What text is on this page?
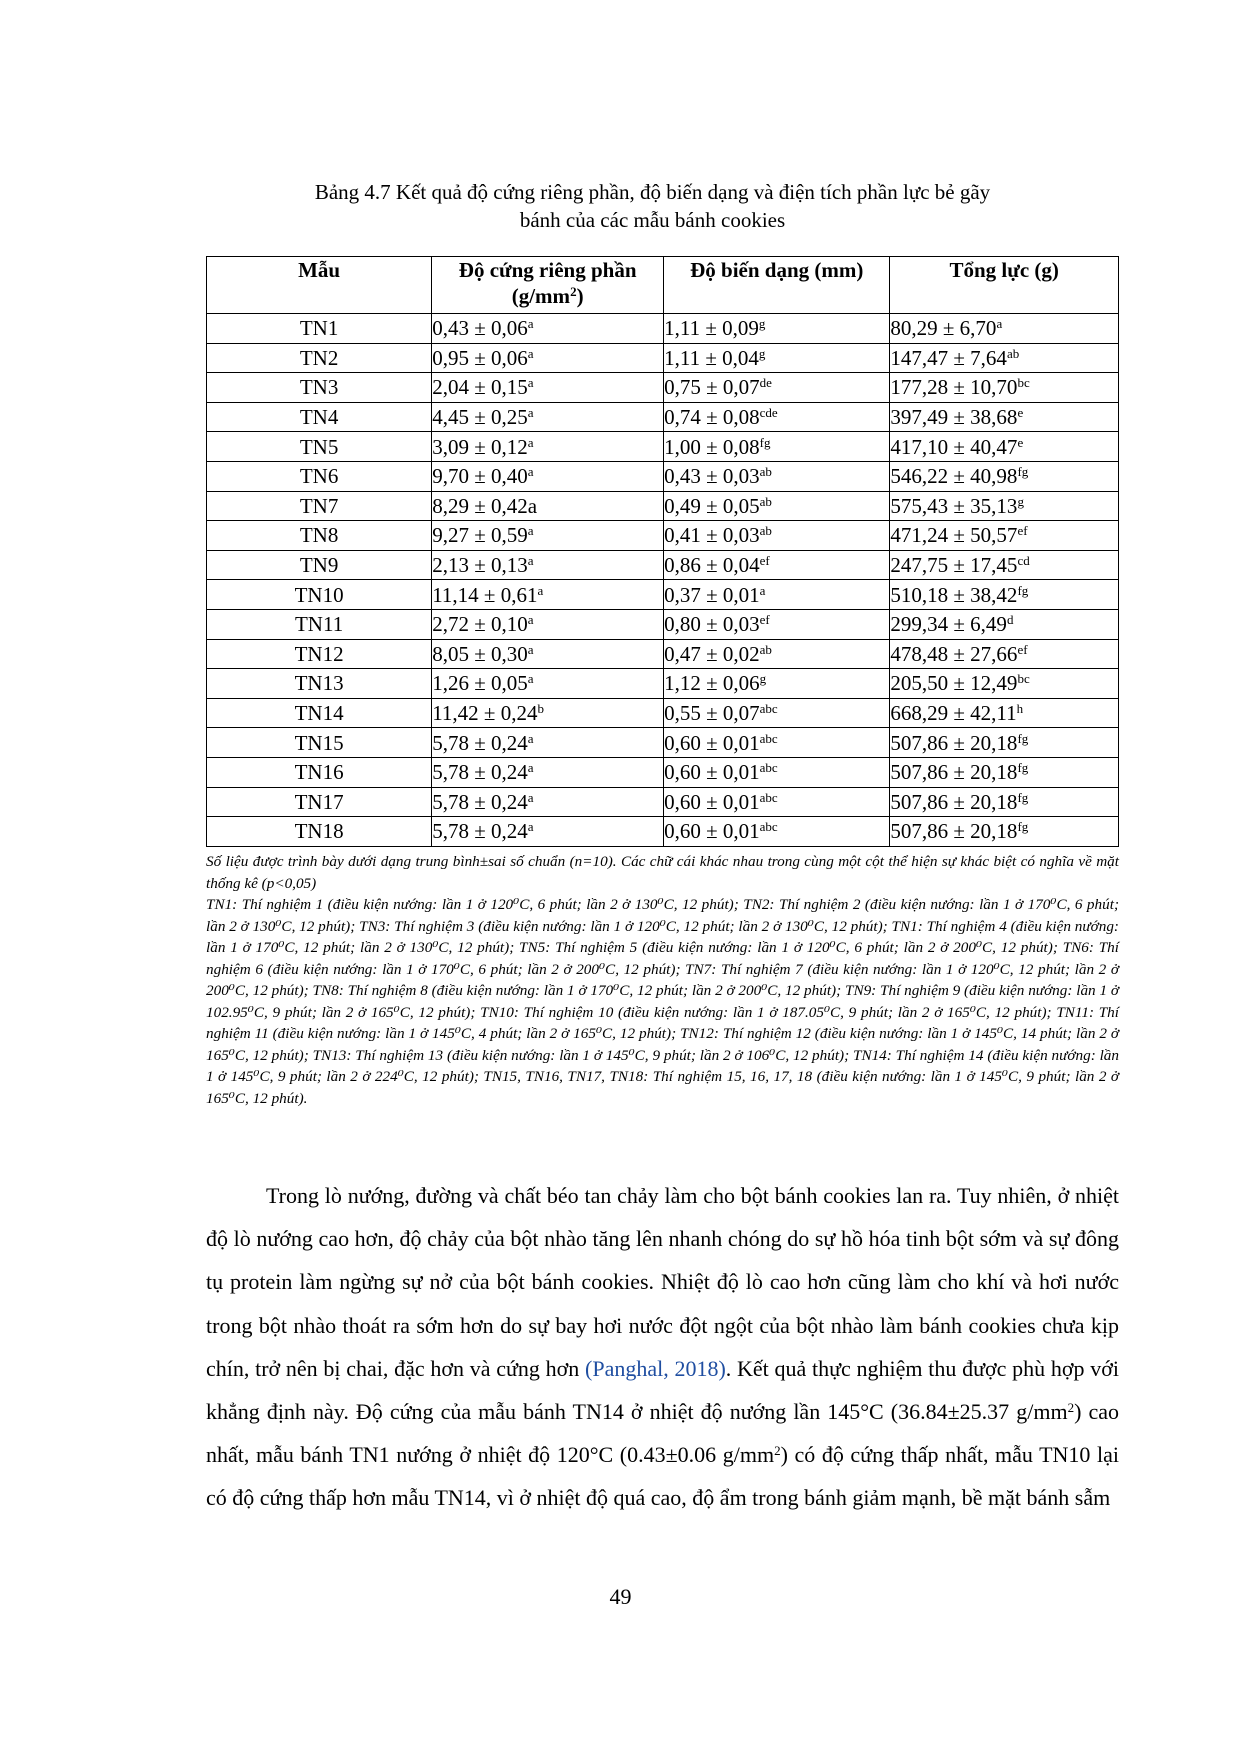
Bảng 4.7 Kết quả độ cứng riêng phần, độ biến dạng và điện tích phần lực bẻ gãy
bánh của các mẫu bánh cookies
Mẫu	Độ cứng riêng phần $(g/mm^2)$	Độ biến dạng (mm)	Tổng lực (g)
TN1	0,43 ± 0,06$^a$	1,11 ± 0,09$^g$	80,29 ± 6,70$^a$
TN2	0,95 ± 0,06$^a$	1,11 ± 0,04$^g$	147,47 ± 7,64$^{ab}$
TN3	2,04 ± 0,15$^a$	0,75 ± 0,07de	177,28 ± 10,70$^{bc}$
TN4	4,45 ± 0,25$^a$	0,74 ± 0,08$^{cde}$	397,49 ± 38,68$^e$
TN5	3,09 ± 0,12$^a$	1,00 ± 0,08$^{fg}$	417,10 ± 40,47$^e$
TN6	9,70 ± 0,40$^a$	0,43 ± 0,03$^{ab}$	546,22 ± 40,98$^{fg}$
TN7	8,29 ± 0,42a	0,49 ± 0,05$^{ab}$	575,43 ± 35,13$^g$
TN8	9,27 ± 0,59$^a$	0,41 ± 0,03$^{ab}$	471,24 ± 50,57$^{ef}$
TN9	2,13 ± 0,13$^a$	0,86 ± 0,04$^{ef}$	247,75 ± 17,45$^{cd}$
TN10	11,14 ± 0,61$^a$	0,37 ± 0,01$^a$	510,18 ± 38,42$^{fg}$
TN11	2,72 ± 0,10$^a$	0,80 ± 0,03$^{ef}$	299,34 ± 6,49$^d$
TN12	8,05 ± 0,30$^a$	0,47 ± 0,02$^{ab}$	478,48 ± 27,66$^{ef}$
TN13	1,26 ± 0,05$^a$	1,12 ± 0,06$^g$	205,50 ± 12,49$^{bc}$
TN14	11,42 ± 0,24$^b$	0,55 ± 0,07$^{abc}$	668,29 ± 42,11$^h$
TN15	5,78 ± 0,24$^a$	0,60 ± 0,01$^{abc}$	507,86 ± 20,18$^{fg}$
TN16	5,78 ± 0,24$^a$	0,60 ± 0,01$^{abc}$	507,86 ± 20,18$^{fg}$
TN17	5,78 ± 0,24$^a$	0,60 ± 0,01$^{abc}$	507,86 ± 20,18$^{fg}$
TN18	5,78 ± 0,24$^a$	0,60 ± 0,01$^{abc}$	507,86 ± 20,18$^{fg}$

Số liệu được trình bày dưới dạng trung bình±sai số chuẩn (n=10). Các chữ cái khác nhau trong cùng một cột thể hiện sự khác biệt có nghĩa về mặt thống kê (p<0,05)

TN1: Thí nghiệm 1 (điều kiện nướng: lần 1 ở 120⁰C, 6 phút; lần 2 ở 130⁰C, 12 phút); TN2: Thí nghiệm 2 (điều kiện nướng: lần 1 ở 170⁰C, 6 phút; lần 2 ở 130⁰C, 12 phút); TN3: Thí nghiệm 3 (điều kiện nướng: lần 1 ở 120⁰C, 12 phút; lần 2 ở 130⁰C, 12 phút); TN1: Thí nghiệm 4 (điều kiện nướng: lần 1 ở 170⁰C, 12 phút; lần 2 ở 130⁰C, 12 phút); TN5: Thí nghiệm 5 (điều kiện nướng: lần 1 ở 120⁰C, 6 phút; lần 2 ở 200⁰C, 12 phút); TN6: Thí nghiệm 6 (điều kiện nướng: lần 1 ở 170⁰C, 6 phút; lần 2 ở 200⁰C, 12 phút); TN7: Thí nghiệm 7 (điều kiện nướng: lần 1 ở 120⁰C, 12 phút; lần 2 ở 200⁰C, 12 phút); TN8: Thí nghiệm 8 (điều kiện nướng: lần 1 ở 170⁰C, 12 phút; lần 2 ở 200⁰C, 12 phút); TN9: Thí nghiệm 9 (điều kiện nướng: lần 1 ở 102.95⁰C, 9 phút; lần 2 ở 165⁰C, 12 phút); TN10: Thí nghiệm 10 (điều kiện nướng: lần 1 ở 187.05⁰C, 9 phút; lần 2 ở 165⁰C, 12 phút); TN11: Thí nghiệm 11 (điều kiện nướng: lần 1 ở 145⁰C, 4 phút; lần 2 ở 165⁰C, 12 phút); TN12: Thí nghiệm 12 (điều kiện nướng: lần 1 ở 145⁰C, 14 phút; lần 2 ở 165⁰C, 12 phút); TN13: Thí nghiệm 13 (điều kiện nướng: lần 1 ở 145⁰C, 9 phút; lần 2 ở 106⁰C, 12 phút); TN14: Thí nghiệm 14 (điều kiện nướng: lần 1 ở 145⁰C, 9 phút; lần 2 ở 224⁰C, 12 phút); TN15, TN16, TN17, TN18: Thí nghiệm 15, 16, 17, 18 (điều kiện nướng: lần 1 ở 145⁰C, 9 phút; lần 2 ở 165⁰C, 12 phút).

Trong lò nướng, đường và chất béo tan chảy làm cho bột bánh cookies lan ra. Tuy nhiên, ở nhiệt độ lò nướng cao hơn, độ chảy của bột nhào tăng lên nhanh chóng do sự hồ hóa tinh bột sớm và sự đông tụ protein làm ngừng sự nở của bột bánh cookies. Nhiệt độ lò cao hơn cũng làm cho khí và hơi nước trong bột nhào thoát ra sớm hơn do sự bay hơi nước đột ngột của bột nhào làm bánh cookies chưa kịp chín, trở nên bị chai, đặc hơn và cứng hơn (Panghal, 2018). Kết quả thực nghiệm thu được phù hợp với khẳng định này. Độ cứng của mẫu bánh TN14 ở nhiệt độ nướng lần 145°C (36.84±25.37 $g/mm^2$) cao nhất, mẫu bánh TN1 nướng ở nhiệt độ 120°C (0.43±0.06 $g/mm^2$) có độ cứng thấp nhất, mẫu TN10 lại có độ cứng thấp hơn mẫu TN14, vì ở nhiệt độ quá cao, độ ẩm trong bánh giảm mạnh, bề mặt bánh sẫm

49
